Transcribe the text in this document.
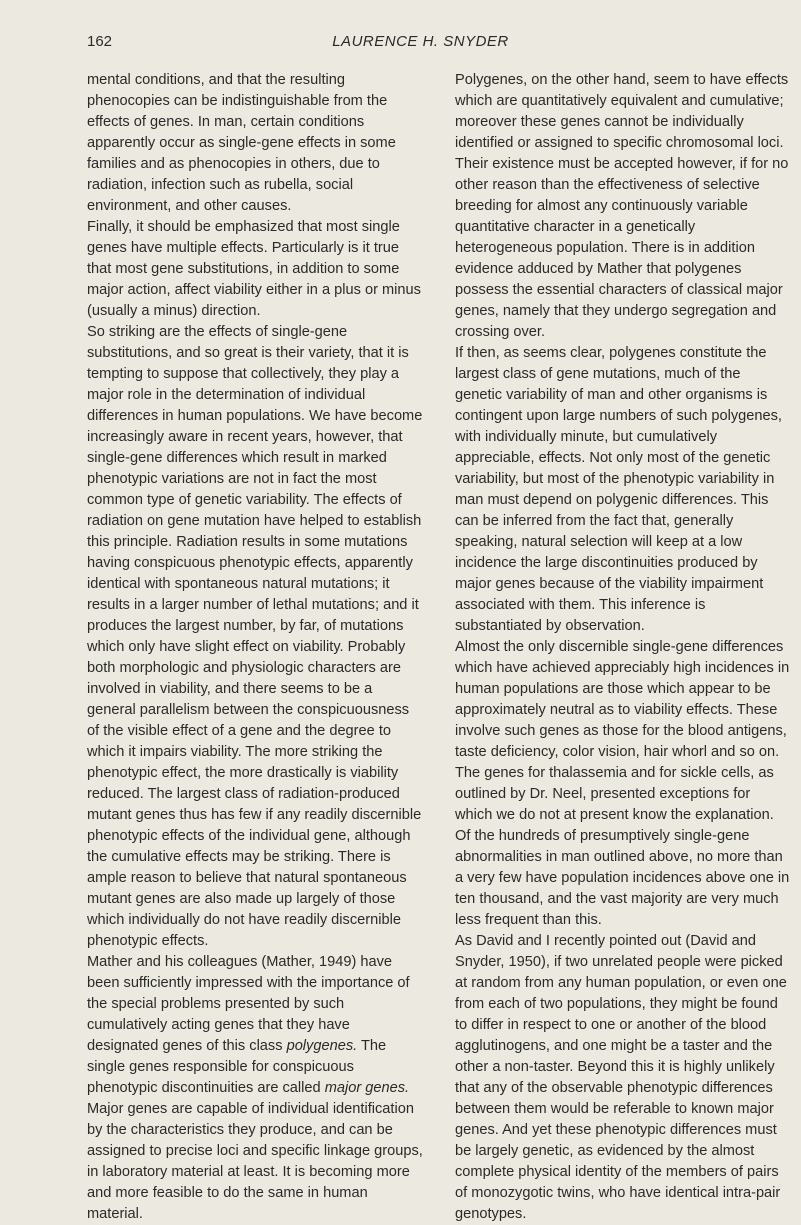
162	LAURENCE H. SNYDER

mental conditions, and that the resulting phenocopies can be indistinguishable from the effects of genes. In man, certain conditions apparently occur as single-gene effects in some families and as phenocopies in others, due to radiation, infection such as rubella, social environment, and other causes.

Finally, it should be emphasized that most single genes have multiple effects. Particularly is it true that most gene substitutions, in addition to some major action, affect viability either in a plus or minus (usually a minus) direction.

So striking are the effects of single-gene substitutions, and so great is their variety, that it is tempting to suppose that collectively, they play a major role in the determination of individual differences in human populations. We have become increasingly aware in recent years, however, that single-gene differences which result in marked phenotypic variations are not in fact the most common type of genetic variability. The effects of radiation on gene mutation have helped to establish this principle. Radiation results in some mutations having conspicuous phenotypic effects, apparently identical with spontaneous natural mutations; it results in a larger number of lethal mutations; and it produces the largest number, by far, of mutations which only have slight effect on viability. Probably both morphologic and physiologic characters are involved in viability, and there seems to be a general parallelism between the conspicuousness of the visible effect of a gene and the degree to which it impairs viability. The more striking the phenotypic effect, the more drastically is viability reduced. The largest class of radiation-produced mutant genes thus has few if any readily discernible phenotypic effects of the individual gene, although the cumulative effects may be striking. There is ample reason to believe that natural spontaneous mutant genes are also made up largely of those which individually do not have readily discernible phenotypic effects.

Mather and his colleagues (Mather, 1949) have been sufficiently impressed with the importance of the special problems presented by such cumulatively acting genes that they have designated genes of this class polygenes. The single genes responsible for conspicuous phenotypic discontinuities are called major genes. Major genes are capable of individual identification by the characteristics they produce, and can be assigned to precise loci and specific linkage groups, in laboratory material at least. It is becoming more and more feasible to do the same in human material.

Polygenes, on the other hand, seem to have effects which are quantitatively equivalent and cumulative; moreover these genes cannot be individually identified or assigned to specific chromosomal loci. Their existence must be accepted however, if for no other reason than the effectiveness of selective breeding for almost any continuously variable quantitative character in a genetically heterogeneous population. There is in addition evidence adduced by Mather that polygenes possess the essential characters of classical major genes, namely that they undergo segregation and crossing over.

If then, as seems clear, polygenes constitute the largest class of gene mutations, much of the genetic variability of man and other organisms is contingent upon large numbers of such polygenes, with individually minute, but cumulatively appreciable, effects. Not only most of the genetic variability, but most of the phenotypic variability in man must depend on polygenic differences. This can be inferred from the fact that, generally speaking, natural selection will keep at a low incidence the large discontinuities produced by major genes because of the viability impairment associated with them. This inference is substantiated by observation.

Almost the only discernible single-gene differences which have achieved appreciably high incidences in human populations are those which appear to be approximately neutral as to viability effects. These involve such genes as those for the blood antigens, taste deficiency, color vision, hair whorl and so on. The genes for thalassemia and for sickle cells, as outlined by Dr. Neel, presented exceptions for which we do not at present know the explanation. Of the hundreds of presumptively single-gene abnormalities in man outlined above, no more than a very few have population incidences above one in ten thousand, and the vast majority are very much less frequent than this.

As David and I recently pointed out (David and Snyder, 1950), if two unrelated people were picked at random from any human population, or even one from each of two populations, they might be found to differ in respect to one or another of the blood agglutinogens, and one might be a taster and the other a non-taster. Beyond this it is highly unlikely that any of the observable phenotypic differences between them would be referable to known major genes. And yet these phenotypic differences must be largely genetic, as evidenced by the almost complete physical identity of the members of pairs of monozygotic twins, who have identical intra-pair genotypes.
